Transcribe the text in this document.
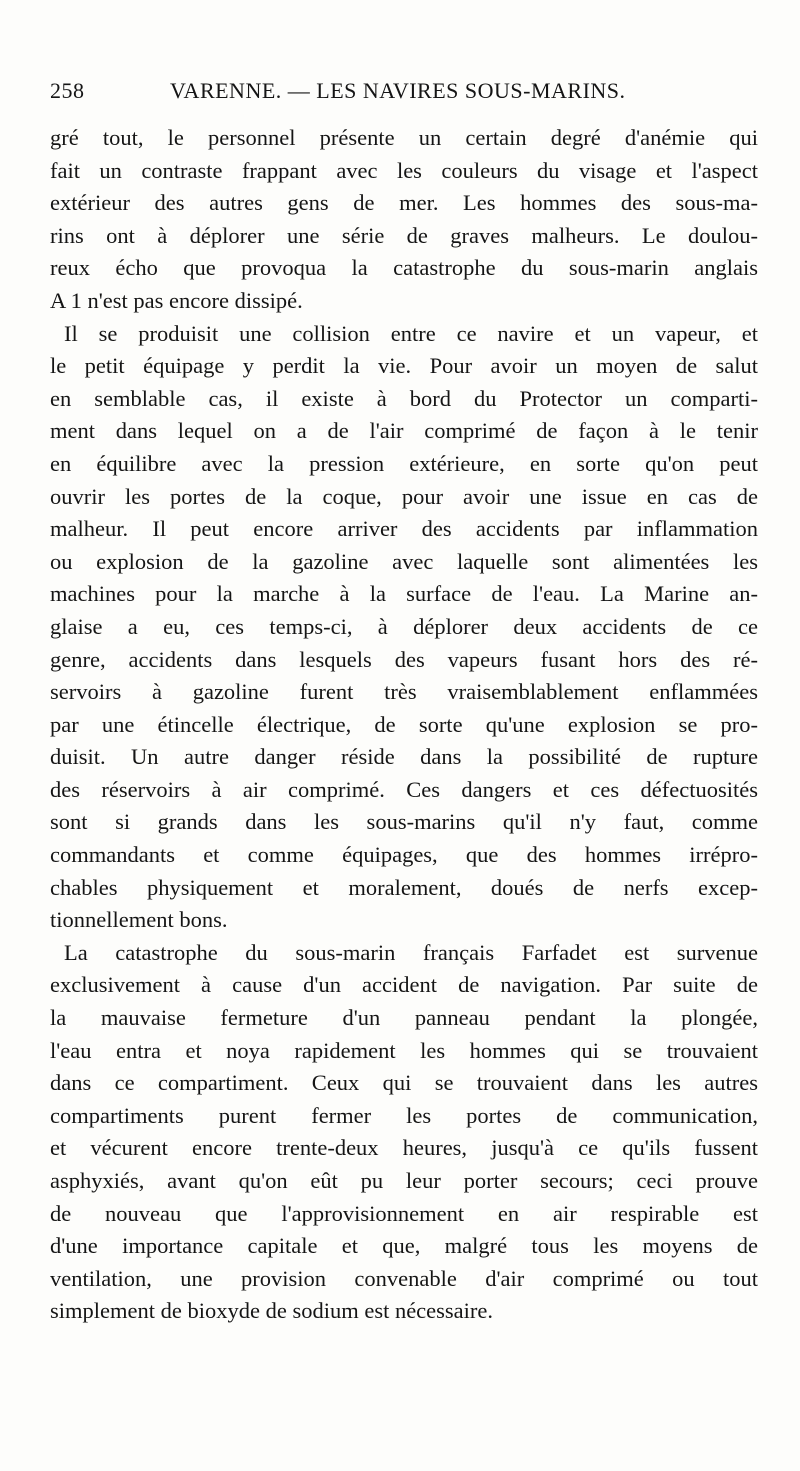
258	VARENNE. — LES NAVIRES SOUS-MARINS.
gré tout, le personnel présente un certain degré d'anémie qui
fait un contraste frappant avec les couleurs du visage et l'aspect
extérieur des autres gens de mer. Les hommes des sous-ma-
rins ont à déplorer une série de graves malheurs. Le doulou-
reux écho que provoqua la catastrophe du sous-marin anglais
A 1 n'est pas encore dissipé.
Il se produisit une collision entre ce navire et un vapeur, et
le petit équipage y perdit la vie. Pour avoir un moyen de salut
en semblable cas, il existe à bord du Protector un comparti-
ment dans lequel on a de l'air comprimé de façon à le tenir
en équilibre avec la pression extérieure, en sorte qu'on peut
ouvrir les portes de la coque, pour avoir une issue en cas de
malheur. Il peut encore arriver des accidents par inflammation
ou explosion de la gazoline avec laquelle sont alimentées les
machines pour la marche à la surface de l'eau. La Marine an-
glaise a eu, ces temps-ci, à déplorer deux accidents de ce
genre, accidents dans lesquels des vapeurs fusant hors des ré-
servoirs à gazoline furent très vraisemblablement enflammées
par une étincelle électrique, de sorte qu'une explosion se pro-
duisit. Un autre danger réside dans la possibilité de rupture
des réservoirs à air comprimé. Ces dangers et ces défectuosités
sont si grands dans les sous-marins qu'il n'y faut, comme
commandants et comme équipages, que des hommes irrépro-
chables physiquement et moralement, doués de nerfs excep-
tionnellement bons.
La catastrophe du sous-marin français Farfadet est survenue
exclusivement à cause d'un accident de navigation. Par suite de
la mauvaise fermeture d'un panneau pendant la plongée,
l'eau entra et noya rapidement les hommes qui se trouvaient
dans ce compartiment. Ceux qui se trouvaient dans les autres
compartiments purent fermer les portes de communication,
et vécurent encore trente-deux heures, jusqu'à ce qu'ils fussent
asphyxiés, avant qu'on eût pu leur porter secours; ceci prouve
de nouveau que l'approvisionnement en air respirable est
d'une importance capitale et que, malgré tous les moyens de
ventilation, une provision convenable d'air comprimé ou tout
simplement de bioxyde de sodium est nécessaire.
